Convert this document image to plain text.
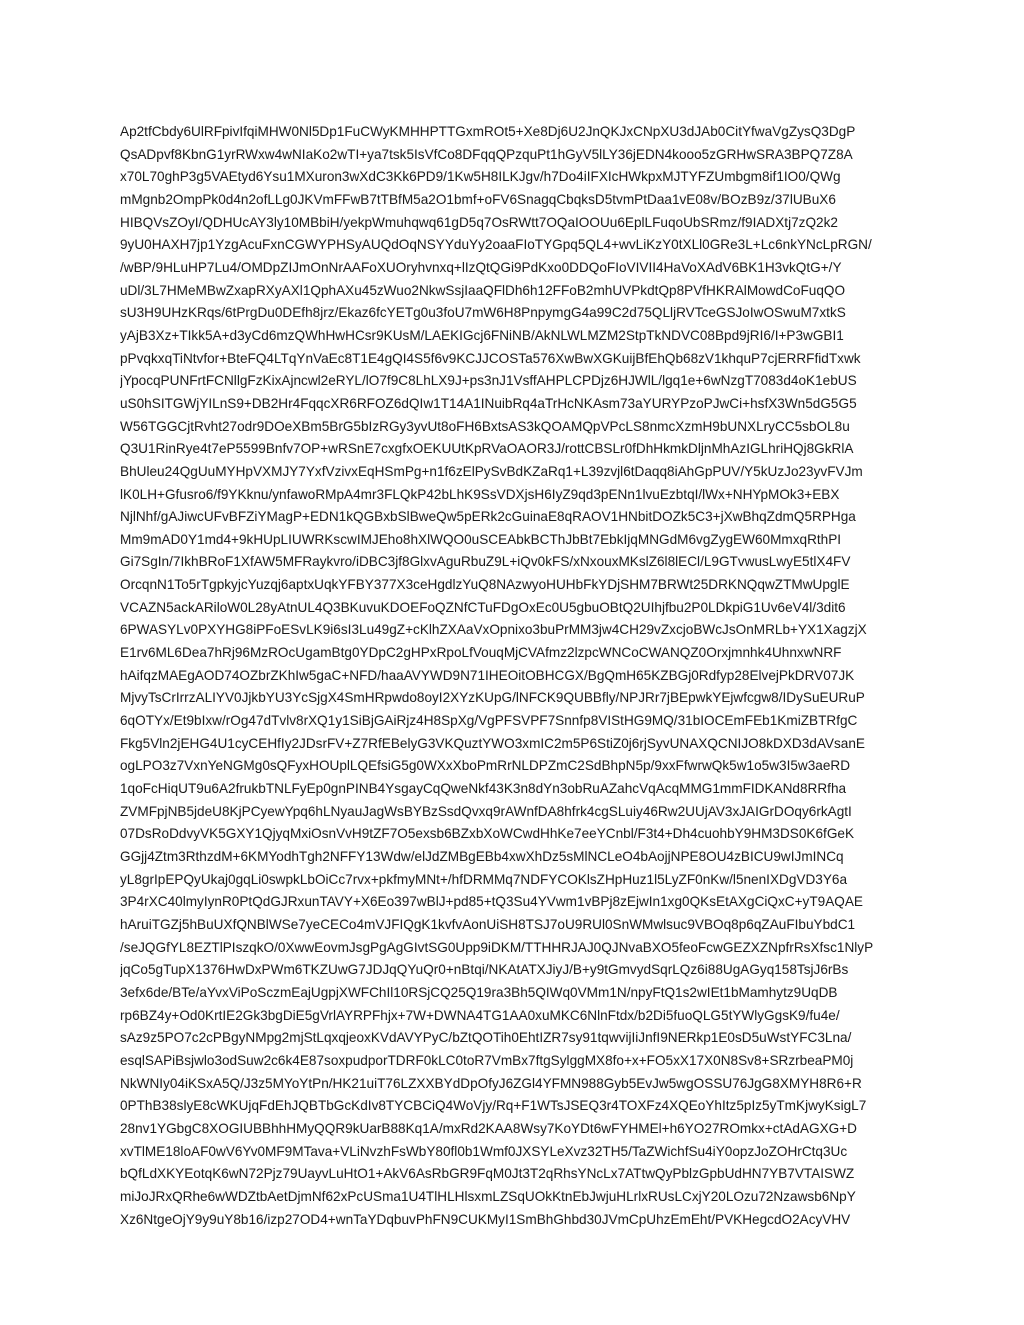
Ap2tfCbdy6UlRFpivIfqiMHW0Nl5Dp1FuCWyKMHHPTTGxmROt5+Xe8Dj6U2JnQKJxCNpXU3dJAb0CitYfwaVgZysQ3DgP
QsADpvf8KbnG1yrRWxw4wNIaKo2wTI+ya7tsk5IsVfCo8DFqqQPzquPt1hGyV5lLY36jEDN4kooo5zGRHwSRA3BPQ7Z8A
x70L70ghP3g5VAEtyd6Ysu1MXuron3wXdC3Kk6PD9/1Kw5H8ILKJgv/h7Do4iIFXIcHWkpxMJTYFZUmbgm8if1IO0/QWg
mMgnb2OmpPk0d4n2ofLLg0JKVmFFwB7tTBfM5a2O1bmf+oFV6SnagqCbqksD5tvmPtDaa1vE08v/BOzB9z/37lUBuX6
HIBQVsZOyI/QDHUcAY3ly10MBbiH/yekpWmuhqwq61gD5q7OsRWtt7OQaIOOUu6EplLFuqoUbSRmz/f9IADXtj7zQ2k2
9yU0HAXH7jp1YzgAcuFxnCGWYPHSyAUQdOqNSYYduYy2oaaFIoTYGpq5QL4+wvLiKzY0tXLl0GRe3L+Lc6nkYNcLpRGN/
/wBP/9HLuHP7Lu4/OMDpZIJmOnNrAAFoXUOryhvnxq+lIzQtQGi9PdKxo0DDQoFIoVIVII4HaVoXAdV6BK1H3vkQtG+/Y
uDl/3L7HMeMBwZxapRXyAXl1QphAXu45zWuo2NkwSsjIaaQFlDh6h12FFoB2mhUVPkdtQp8PVfHKRAlMowdCoFuqQO
sU3H9UHzKRqs/6tPrgDu0DEfh8jrz/Ekaz6fcYETg0u3foU7mW6H8PnpymgG4a99C2d75QLljRVTceGSJoIwOSwuM7xtkS
yAjB3Xz+TIkk5A+d3yCd6mzQWhHwHCsr9KUsM/LAEKIGcj6FNiNB/AkNLWLMZM2StpTkNDVC08Bpd9jRI6/I+P3wGBI1
pPvqkxqTiNtvfor+BteFQ4LTqYnVaEc8T1E4gQI4S5f6v9KCJJCOSTa576XwBwXGKuijBfEhQb68zV1khquP7cjERRFfidTxwk
jYpocqPUNFrtFCNllgFzKixAjncwl2eRYL/lO7f9C8LhLX9J+ps3nJ1VsffAHPLCPDjz6HJWlL/lgq1e+6wNzgT7083d4oK1ebUS
uS0hSITGWjYILnS9+DB2Hr4FqqcXR6RFOZ6dQIw1T14A1INuibRq4aTrHcNKAsm73aYURYPzoPJwCi+hsfX3Wn5dG5G5
W56TGGCjtRvht27odr9DOeXBm5BrG5bIzRGy3yvUt8oFH6BxtsAS3kQOAMQpVPcLS8nmcXzmH9bUNXLryCC5sbOL8u
Q3U1RinRye4t7eP5599Bnfv7OP+wRSnE7cxgfxOEKUUtKpRVaOAOR3J/rottCBSLr0fDhHkmkDljnMhAzIGLhriHQj8GkRlA
BhUleu24QgUuMYHpVXMJY7YxfVzivxEqHSmPg+n1f6zElPySvBdKZaRq1+L39zvjl6tDaqq8iAhGpPUV/Y5kUzJo23yvFVJm
lK0LH+Gfusro6/f9YKknu/ynfawoRMpA4mr3FLQkP42bLhK9SsVDXjsH6IyZ9qd3pENn1lvuEzbtqI/lWx+NHYpMOk3+EBX
NjlNhf/gAJiwcUFvBFZiYMagP+EDN1kQGBxbSlBweQw5pERk2cGuinaE8qRAOV1HNbitDOZk5C3+jXwBhqZdmQ5RPHga
Mm9mAD0Y1md4+9kHUpLIUWRKscwIMJEho8hXlWQO0uSCEAbkBCThJbBt7EbkIjqMNGdM6vgZygEW60MmxqRthPI
Gi7SgIn/7IkhBRoF1XfAW5MFRaykvro/iDBC3jf8GlxvAguRbuZ9L+iQv0kFS/xNxouxMKslZ6l8lECl/L9GTvwusLwyE5tlX4FV
OrcqnN1To5rTgpkyjcYuzqj6aptxUqkYFBY377X3ceHgdlzYuQ8NAzwyoHUHbFkYDjSHM7BRWt25DRKNQqwZTMwUpglE
VCAZN5ackARiloW0L28yAtnUL4Q3BKuvuKDOEFoQZNfCTuFDgOxEc0U5gbuOBtQ2UIhjfbu2P0LDkpiG1Uv6eV4l/3dit6
6PWASYLv0PXYHG8iPFoESvLK9i6sI3Lu49gZ+cKlhZXAaVxOpnixo3buPrMM3jw4CH29vZxcjoBWcJsOnMRLb+YX1XagzjX
E1rv6ML6Dea7hRj96MzROcUgamBtg0YDpC2gHPxRpoLfVouqMjCVAfmz2lzpcWNCoCWANQZ0Orxjmnhk4UhnxwNRF
hAifqzMAEgAOD74OZbrZKhIw5gaC+NFD/haaAVYWD9N71IHEOitOBHCGX/BgQmH65KZBGj0Rdfyp28ElvejPkDRV07JK
MjvyTsCrIrrzALIYV0JjkbYU3YcSjgX4SmHRpwdo8oyI2XYzKUpG/lNFCK9QUBBfly/NPJRr7jBEpwkYEjwfcgw8/IDySuEURuP
6qOTYx/Et9bIxw/rOg47dTvlv8rXQ1y1SiBjGAiRjz4H8SpXg/VgPFSVPF7Snnfp8VIStHG9MQ/31bIOCEmFEb1KmiZBTRfgC
Fkg5Vln2jEHG4U1cyCEHfIy2JDsrFV+Z7RfEBelyG3VKQuztYWO3xmIC2m5P6StiZ0j6rjSyvUNAXQCNIJO8kDXD3dAVsanE
ogLPO3z7VxnYeNGMg0sQFyxHOUplLQEfsiG5g0WXxXboPmRrNLDPZmC2SdBhpN5p/9xxFfwrwQk5w1o5w3I5w3aeRD
1qoFcHiqUT9u6A2frukbTNLFyEp0gnPINB4YsgayCqQweNkf43K3n8dYn3obRuAZahcVqAcqMMG1mmFIDKANd8RRfha
ZVMFpjNB5jdeU8KjPCyewYpq6hLNyauJagWsBYBzSsdQvxq9rAWnfDA8hfrk4cgSLuiy46Rw2UUjAV3xJAIGrDOqy6rkAgtI
07DsRoDdvyVK5GXY1QjyqMxiOsnVvH9tZF7O5exsb6BZxbXoWCwdHhKe7eeYCnbl/F3t4+Dh4cuohbY9HM3DS0K6fGeK
GGjj4Ztm3RthzdM+6KMYodhTgh2NFFY13Wdw/elJdZMBgEBb4xwXhDz5sMlNCLeO4bAojjNPE8OU4zBICU9wIJmINCq
yL8grIpEPQyUkaj0gqLi0swpkLbOiCc7rvx+pkfmyMNt+/hfDRMMq7NDFYCOKlsZHpHuz1l5LyZF0nKw/l5nenIXDgVD3Y6a
3P4rXC40lmyIynR0PtQdGJRxunTAVY+X6Eo397wBlJ+pd85+tQ3Su4YVwm1vBPj8zEjwIn1xg0QKsEtAXgCiQxC+yT9AQAE
hAruiTGZj5hBuUXfQNBlWSe7yeCECo4mVJFIQgK1kvfvAonUiSH8TSJ7oU9RUl0SnWMwlsuc9VBOq8p6qZAuFIbuYbdC1
/seJQGfYL8EZTlPIszqkO/0XwwEovmJsgPgAgGIvtSG0Upp9iDKM/TTHHRJAJ0QJNvaBXO5feoFcwGEZXZNpfrRsXfsc1NlyP
jqCo5gTupX1376HwDxPWm6TKZUwG7JDJqQYuQr0+nBtqi/NKAtATXJiyJ/B+y9tGmvydSqrLQz6i88UgAGyq158TsjJ6rBs
3efx6de/BTe/aYvxViPoSczmEajUgpjXWFChIl10RSjCQ25Q19ra3Bh5QIWq0VMm1N/npyFtQ1s2wIEt1bMamhytz9UqDB
rp6BZ4y+Od0KrtIE2Gk3bgDiE5gVrlAYRPFhjx+7W+DWNA4TG1AA0xuMKC6NlnFtdx/b2Di5fuoQLG5tYWlyGgsK9/fu4e/
sAz9z5PO7c2cPBgyNMpg2mjStLqxqjeoxKVdAVYPyC/bZtQOTih0EhtIZR7sy91tqwvijIiJnfI9NERkp1E0sD5uWstYFC3Lna/
esqlSAPiBsjwlo3odSuw2c6k4E87soxpudporTDRF0kLC0toR7VmBx7ftgSylggMX8fo+x+FO5xX17X0N8Sv8+SRzrbeaPM0j
NkWNIy04iKSxA5Q/J3z5MYoYtPn/HK21uiT76LZXXBYdDpOfyJ6ZGl4YFMN988Gyb5EvJw5wgOSSU76JgG8XMYH8R6+R
0PThB38slyE8cWKUjqFdEhJQBTbGcKdIv8TYCBCiQ4WoVjy/Rq+F1WTsJSEQ3r4TOXFz4XQEoYhItz5pIz5yTmKjwyKsigL7
28nv1YGbgC8XOGIUBBhhHMyQQR9kUarB88Kq1A/mxRd2KAA8Wsy7KoYDt6wFYHMEl+h6YO27ROmkx+ctAdAGXG+D
xvTlME18loAF0wV6Yv0MF9MTava+VLiNvzhFsWbY80fl0b1Wmf0JXSYLeXvz32TH5/TaZWichfSu4iY0opzJoZOHrCtq3Uc
bQfLdXKYEotqK6wN72Pjz79UayvLuHtO1+AkV6AsRbGR9FqM0Jt3T2qRhsYNcLx7ATtwQyPblzGpbUdHN7YB7VTAISWZ
miJoJRxQRhe6wWDZtbAetDjmNf62xPcUSma1U4TlHLHlsxmLZSqUOkKtnEbJwjuHLrlxRUsLCxjY20LOzu72Nzawsb6NpY
Xz6NtgeOjY9y9uY8b16/izp27OD4+wnTaYDqbuvPhFN9CUKMyI1SmBhGhbd30JVmCpUhzEmEht/PVKHegcdO2AcyVHV
